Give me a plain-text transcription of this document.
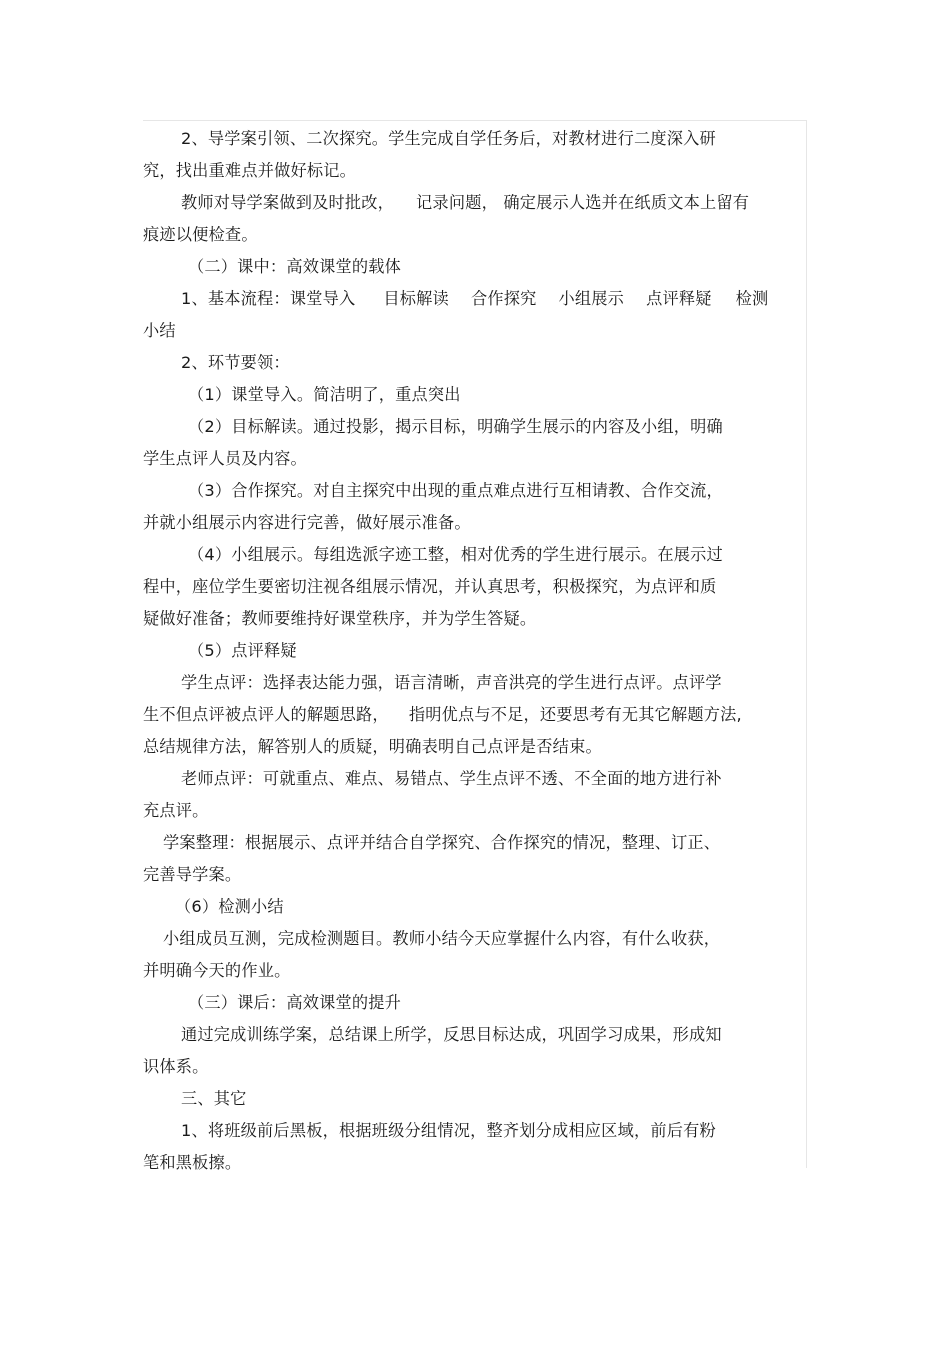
2、导学案引领、二次探究。学生完成自学任务后，对教材进行二度深入研

究，找出重难点并做好标记。

教师对导学案做到及时批改， 记录问题， 确定展示人选并在纸质文本上留有

痕迹以便检查。

（二）课中：高效课堂的载体

1、基本流程：课堂导入 目标解读 合作探究 小组展示 点评释疑 检测

小结

2、环节要领：

（1）课堂导入。简洁明了，重点突出

（2）目标解读。通过投影，揭示目标，明确学生展示的内容及小组，明确

学生点评人员及内容。

（3）合作探究。对自主探究中出现的重点难点进行互相请教、合作交流，

并就小组展示内容进行完善，做好展示准备。

（4）小组展示。每组选派字迹工整，相对优秀的学生进行展示。在展示过

程中，座位学生要密切注视各组展示情况，并认真思考，积极探究，为点评和质

疑做好准备；教师要维持好课堂秩序，并为学生答疑。

（5）点评释疑

学生点评：选择表达能力强，语言清晰，声音洪亮的学生进行点评。点评学

生不但点评被点评人的解题思路， 指明优点与不足，还要思考有无其它解题方法,

总结规律方法，解答别人的质疑，明确表明自己点评是否结束。

老师点评：可就重点、难点、易错点、学生点评不透、不全面的地方进行补

充点评。

学案整理：根据展示、点评并结合自学探究、合作探究的情况，整理、订正、

完善导学案。

（6）检测小结

小组成员互测，完成检测题目。教师小结今天应掌握什么内容，有什么收获，

并明确今天的作业。

（三）课后：高效课堂的提升

通过完成训练学案，总结课上所学，反思目标达成，巩固学习成果，形成知

识体系。

三、其它

1、将班级前后黑板，根据班级分组情况，整齐划分成相应区域，前后有粉

笔和黑板擦。
